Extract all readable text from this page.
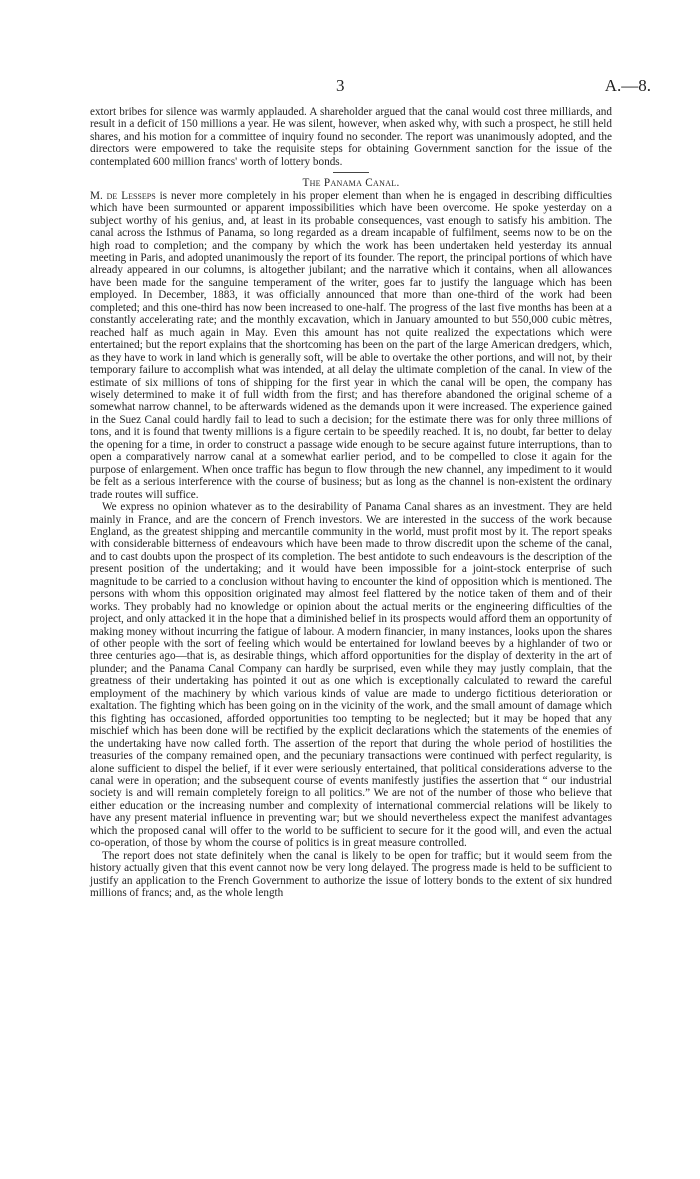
3	A.—8.

extort bribes for silence was warmly applauded. A shareholder argued that the canal would cost three milliards, and result in a deficit of 150 millions a year. He was silent, however, when asked why, with such a prospect, he still held shares, and his motion for a committee of inquiry found no seconder. The report was unanimously adopted, and the directors were empowered to take the requisite steps for obtaining Government sanction for the issue of the contemplated 600 million francs' worth of lottery bonds.

The Panama Canal.

M. de Lesseps is never more completely in his proper element than when he is engaged in describing difficulties which have been surmounted or apparent impossibilities which have been overcome. He spoke yesterday on a subject worthy of his genius, and, at least in its probable consequences, vast enough to satisfy his ambition. The canal across the Isthmus of Panama, so long regarded as a dream incapable of fulfilment, seems now to be on the high road to completion; and the company by which the work has been undertaken held yesterday its annual meeting in Paris, and adopted unanimously the report of its founder. The report, the principal portions of which have already appeared in our columns, is altogether jubilant; and the narrative which it contains, when all allowances have been made for the sanguine temperament of the writer, goes far to justify the language which has been employed. In December, 1883, it was officially announced that more than one-third of the work had been completed; and this one-third has now been increased to one-half. The progress of the last five months has been at a constantly accelerating rate; and the monthly excavation, which in January amounted to but 550,000 cubic mètres, reached half as much again in May. Even this amount has not quite realized the expectations which were entertained; but the report explains that the shortcoming has been on the part of the large American dredgers, which, as they have to work in land which is generally soft, will be able to overtake the other portions, and will not, by their temporary failure to accomplish what was intended, at all delay the ultimate completion of the canal. In view of the estimate of six millions of tons of shipping for the first year in which the canal will be open, the company has wisely determined to make it of full width from the first; and has therefore abandoned the original scheme of a somewhat narrow channel, to be afterwards widened as the demands upon it were increased. The experience gained in the Suez Canal could hardly fail to lead to such a decision; for the estimate there was for only three millions of tons, and it is found that twenty millions is a figure certain to be speedily reached. It is, no doubt, far better to delay the opening for a time, in order to construct a passage wide enough to be secure against future interruptions, than to open a comparatively narrow canal at a somewhat earlier period, and to be compelled to close it again for the purpose of enlargement. When once traffic has begun to flow through the new channel, any impediment to it would be felt as a serious interference with the course of business; but as long as the channel is non-existent the ordinary trade routes will suffice.

We express no opinion whatever as to the desirability of Panama Canal shares as an investment. They are held mainly in France, and are the concern of French investors. We are interested in the success of the work because England, as the greatest shipping and mercantile community in the world, must profit most by it. The report speaks with considerable bitterness of endeavours which have been made to throw discredit upon the scheme of the canal, and to cast doubts upon the prospect of its completion. The best antidote to such endeavours is the description of the present position of the undertaking; and it would have been impossible for a joint-stock enterprise of such magnitude to be carried to a conclusion without having to encounter the kind of opposition which is mentioned. The persons with whom this opposition originated may almost feel flattered by the notice taken of them and of their works. They probably had no knowledge or opinion about the actual merits or the engineering difficulties of the project, and only attacked it in the hope that a diminished belief in its prospects would afford them an opportunity of making money without incurring the fatigue of labour. A modern financier, in many instances, looks upon the shares of other people with the sort of feeling which would be entertained for lowland beeves by a highlander of two or three centuries ago—that is, as desirable things, which afford opportunities for the display of dexterity in the art of plunder; and the Panama Canal Company can hardly be surprised, even while they may justly complain, that the greatness of their undertaking has pointed it out as one which is exceptionally calculated to reward the careful employment of the machinery by which various kinds of value are made to undergo fictitious deterioration or exaltation. The fighting which has been going on in the vicinity of the work, and the small amount of damage which this fighting has occasioned, afforded opportunities too tempting to be neglected; but it may be hoped that any mischief which has been done will be rectified by the explicit declarations which the statements of the enemies of the undertaking have now called forth. The assertion of the report that during the whole period of hostilities the treasuries of the company remained open, and the pecuniary transactions were continued with perfect regularity, is alone sufficient to dispel the belief, if it ever were seriously entertained, that political considerations adverse to the canal were in operation; and the subsequent course of events manifestly justifies the assertion that “ our industrial society is and will remain completely foreign to all politics.” We are not of the number of those who believe that either education or the increasing number and complexity of international commercial relations will be likely to have any present material influence in preventing war; but we should nevertheless expect the manifest advantages which the proposed canal will offer to the world to be sufficient to secure for it the good will, and even the actual co-operation, of those by whom the course of politics is in great measure controlled.

The report does not state definitely when the canal is likely to be open for traffic; but it would seem from the history actually given that this event cannot now be very long delayed. The progress made is held to be sufficient to justify an application to the French Government to authorize the issue of lottery bonds to the extent of six hundred millions of francs; and, as the whole length
